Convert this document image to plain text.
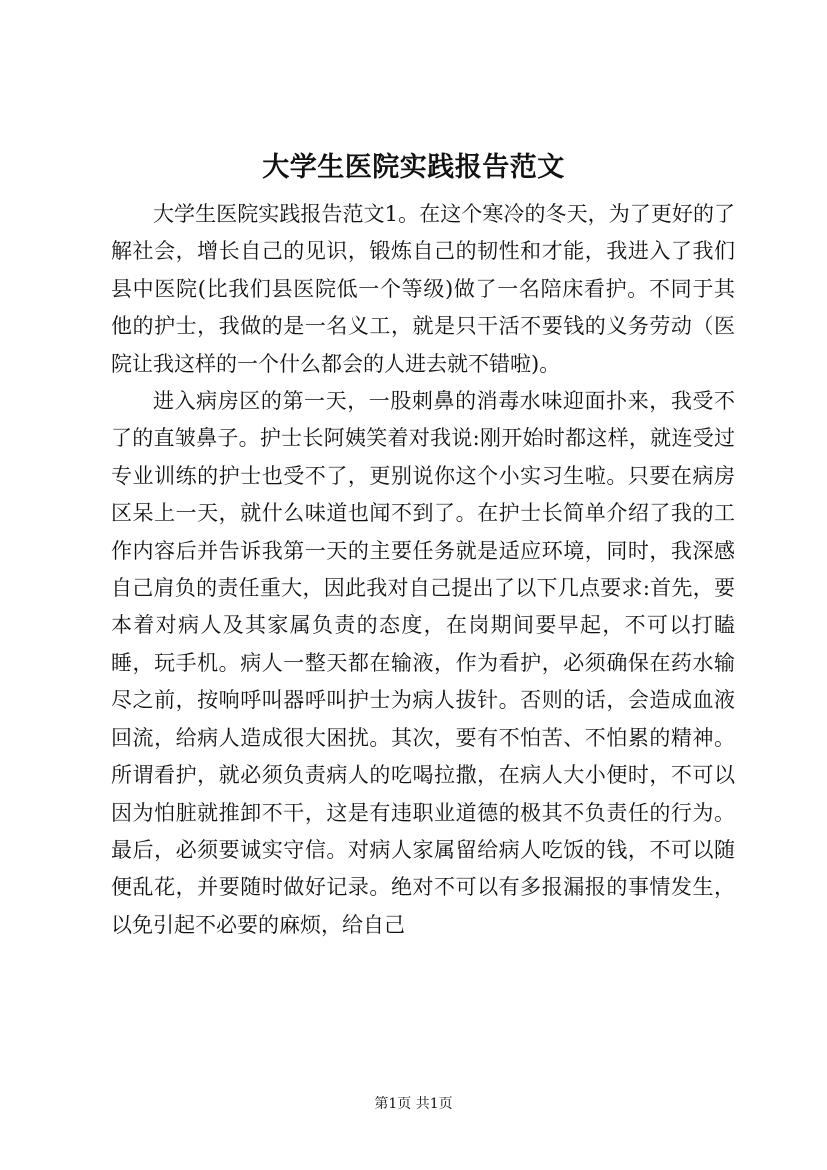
大学生医院实践报告范文

大学生医院实践报告范文1。在这个寒冷的冬天，为了更好的了解社会，增长自己的见识，锻炼自己的韧性和才能，我进入了我们县中医院(比我们县医院低一个等级)做了一名陪床看护。不同于其他的护士，我做的是一名义工，就是只干活不要钱的义务劳动（医院让我这样的一个什么都会的人进去就不错啦)。

进入病房区的第一天，一股刺鼻的消毒水味迎面扑来，我受不了的直皱鼻子。护士长阿姨笑着对我说:刚开始时都这样，就连受过专业训练的护士也受不了，更别说你这个小实习生啦。只要在病房区呆上一天，就什么味道也闻不到了。在护士长简单介绍了我的工作内容后并告诉我第一天的主要任务就是适应环境，同时，我深感自己肩负的责任重大，因此我对自己提出了以下几点要求:首先，要本着对病人及其家属负责的态度，在岗期间要早起，不可以打瞌睡，玩手机。病人一整天都在输液，作为看护，必须确保在药水输尽之前，按响呼叫器呼叫护士为病人拔针。否则的话，会造成血液回流，给病人造成很大困扰。其次，要有不怕苦、不怕累的精神。所谓看护，就必须负责病人的吃喝拉撒，在病人大小便时，不可以因为怕脏就推卸不干，这是有违职业道德的极其不负责任的行为。最后，必须要诚实守信。对病人家属留给病人吃饭的钱，不可以随便乱花，并要随时做好记录。绝对不可以有多报漏报的事情发生，以免引起不必要的麻烦，给自己

第1页 共1页
